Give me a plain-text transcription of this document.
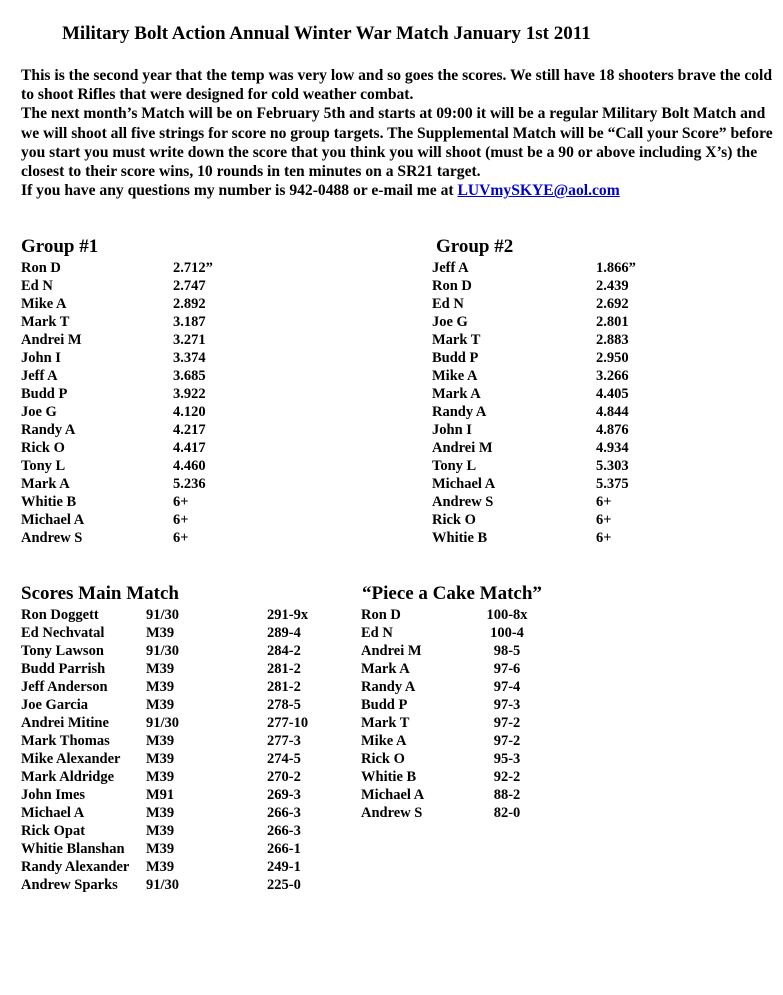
Military Bolt Action Annual Winter War Match January 1st 2011

This is the second year that the temp was very low and so goes the scores. We still have 18 shooters brave the cold to shoot Rifles that were designed for cold weather combat.

The next month’s Match will be on February 5th and starts at 09:00 it will be a regular Military Bolt Match and we will shoot all five strings for score no group targets. The Supplemental Match will be “Call your Score” before you start you must write down the score that you think you will shoot (must be a 90 or above including X’s) the closest to their score wins, 10 rounds in ten minutes on a SR21 target.

If you have any questions my number is 942-0488 or e-mail me at LUVmySKYE@aol.com

Group #1
Ron D	2.712”
Ed N	2.747
Mike A	2.892
Mark T	3.187
Andrei M	3.271
John I	3.374
Jeff A	3.685
Budd P	3.922
Joe G	4.120
Randy A	4.217
Rick O	4.417
Tony L	4.460
Mark A	5.236
Whitie B	6+
Michael A	6+
Andrew S	6+
Group #2
Jeff A	1.866”
Ron D	2.439
Ed N	2.692
Joe G	2.801
Mark T	2.883
Budd P	2.950
Mike A	3.266
Mark A	4.405
Randy A	4.844
John I	4.876
Andrei M	4.934
Tony L	5.303
Michael A	5.375
Andrew S	6+
Rick O	6+
Whitie B	6+
Scores Main Match
Ron Doggett	91/30	291-9x
Ed Nechvatal	M39	289-4
Tony Lawson	91/30	284-2
Budd Parrish	M39	281-2
Jeff Anderson	M39	281-2
Joe Garcia	M39	278-5
Andrei Mitine	91/30	277-10
Mark Thomas M39	277-3
Mike Alexander M39	274-5
Mark Aldridge M39	270-2
John Imes	M91	269-3
Michael A	M39	266-3
Rick Opat	M39	266-3
Whitie Blanshan M39	266-1
Randy Alexander M39	249-1
Andrew Sparks 91/30	225-0
“Piece a Cake Match”
Ron D	100-8x
Ed N	100-4
Andrei M	98-5
Mark A	97-6
Randy A	97-4
Budd P	97-3
Mark T	97-2
Mike A	97-2
Rick O	95-3
Whitie B	92-2
Michael A	88-2
Andrew S	82-0
